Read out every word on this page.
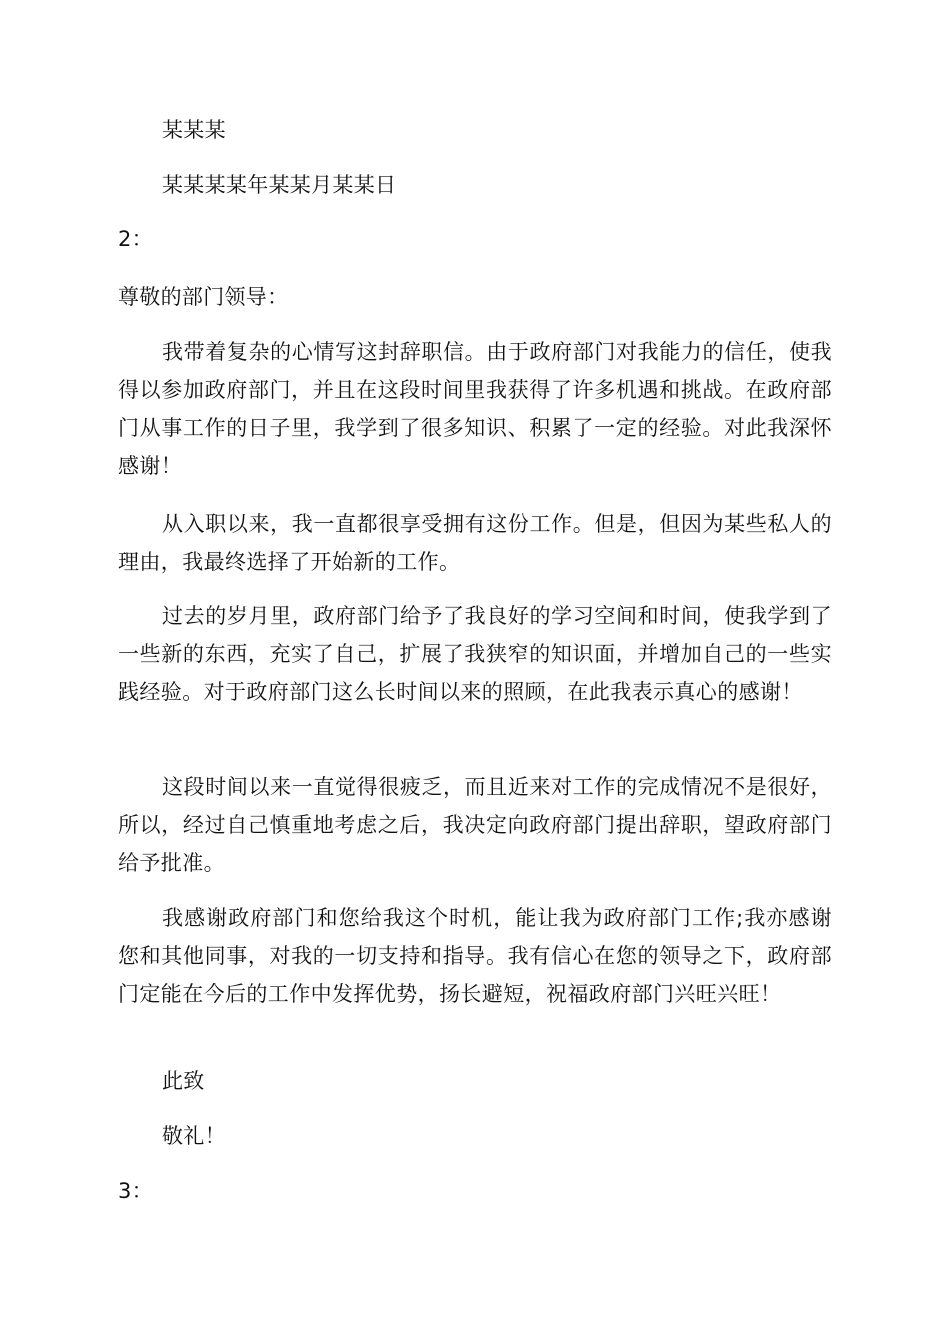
某某某
某某某某年某某月某某日
2：
尊敬的部门领导：
我带着复杂的心情写这封辞职信。由于政府部门对我能力的信任，使我得以参加政府部门，并且在这段时间里我获得了许多机遇和挑战。在政府部门从事工作的日子里，我学到了很多知识、积累了一定的经验。对此我深怀感谢！
从入职以来，我一直都很享受拥有这份工作。但是，但因为某些私人的理由，我最终选择了开始新的工作。
过去的岁月里，政府部门给予了我良好的学习空间和时间，使我学到了一些新的东西，充实了自己，扩展了我狭窄的知识面，并增加自己的一些实践经验。对于政府部门这么长时间以来的照顾，在此我表示真心的感谢！
这段时间以来一直觉得很疲乏，而且近来对工作的完成情况不是很好，所以，经过自己慎重地考虑之后，我决定向政府部门提出辞职，望政府部门给予批准。
我感谢政府部门和您给我这个时机，能让我为政府部门工作;我亦感谢您和其他同事，对我的一切支持和指导。我有信心在您的领导之下，政府部门定能在今后的工作中发挥优势，扬长避短，祝福政府部门兴旺兴旺！
此致
敬礼！
3：
